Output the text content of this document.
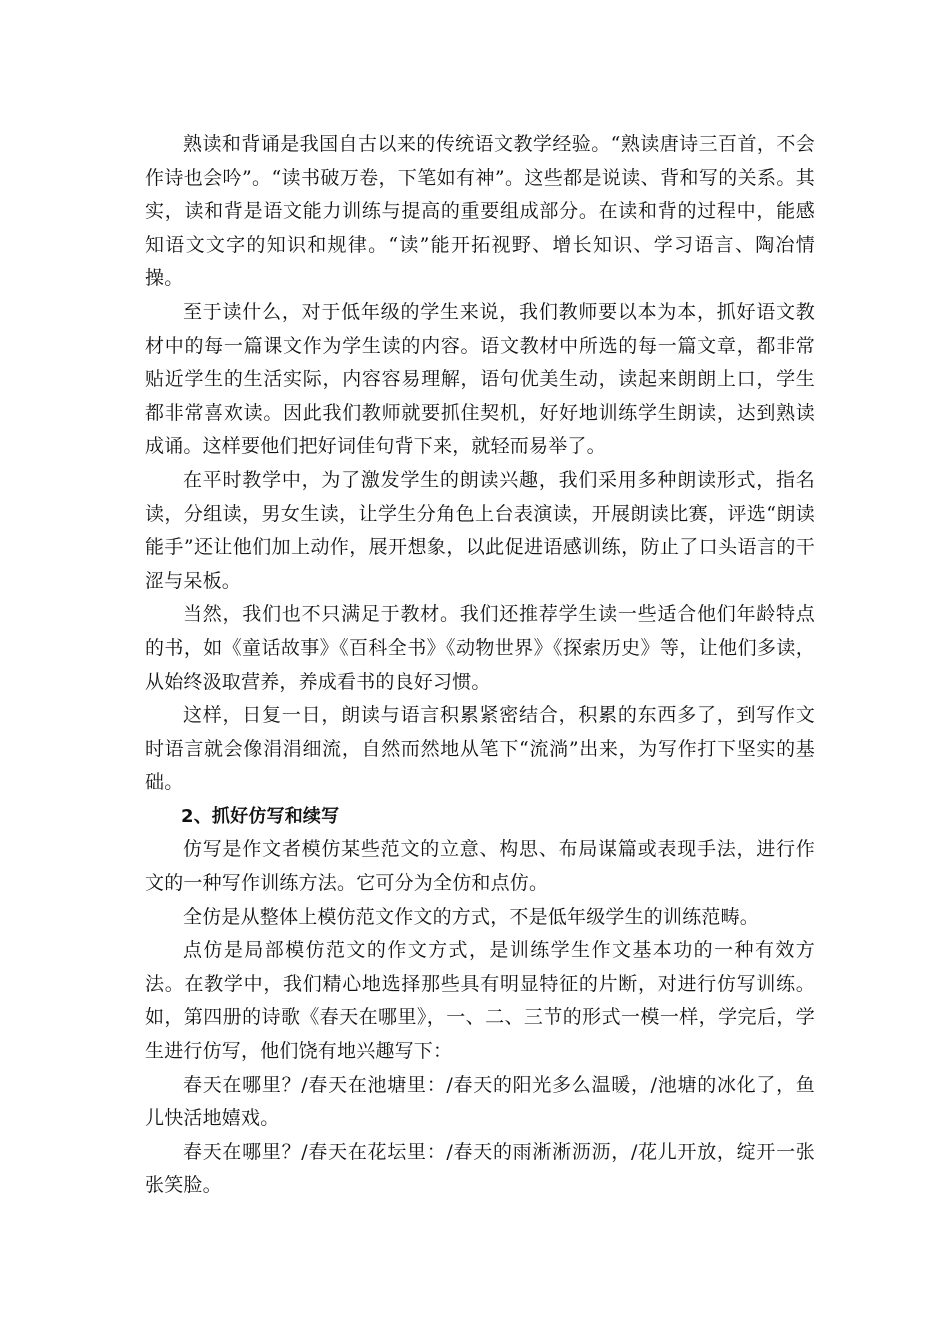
熟读和背诵是我国自古以来的传统语文教学经验。“熟读唐诗三百首，不会作诗也会吟”。“读书破万卷，下笔如有神”。这些都是说读、背和写的关系。其实，读和背是语文能力训练与提高的重要组成部分。在读和背的过程中，能感知语文文字的知识和规律。“读”能开拓视野、增长知识、学习语言、陶冶情操。

至于读什么，对于低年级的学生来说，我们教师要以本为本，抓好语文教材中的每一篇课文作为学生读的内容。语文教材中所选的每一篇文章，都非常贴近学生的生活实际，内容容易理解，语句优美生动，读起来朗朗上口，学生都非常喜欢读。因此我们教师就要抓住契机，好好地训练学生朗读，达到熟读成诵。这样要他们把好词佳句背下来，就轻而易举了。

在平时教学中，为了激发学生的朗读兴趣，我们采用多种朗读形式，指名读，分组读，男女生读，让学生分角色上台表演读，开展朗读比赛，评选“朗读能手”还让他们加上动作，展开想象，以此促进语感训练，防止了口头语言的干涩与呆板。

当然，我们也不只满足于教材。我们还推荐学生读一些适合他们年龄特点的书，如《童话故事》《百科全书》《动物世界》《探索历史》等，让他们多读，从始终汲取营养，养成看书的良好习惯。

这样，日复一日，朗读与语言积累紧密结合，积累的东西多了，到写作文时语言就会像涓涓细流，自然而然地从笔下“流淌”出来，为写作打下坚实的基础。

2、抓好仿写和续写

仿写是作文者模仿某些范文的立意、构思、布局谋篇或表现手法，进行作文的一种写作训练方法。它可分为全仿和点仿。

全仿是从整体上模仿范文作文的方式，不是低年级学生的训练范畴。

点仿是局部模仿范文的作文方式，是训练学生作文基本功的一种有效方法。在教学中，我们精心地选择那些具有明显特征的片断，对进行仿写训练。如，第四册的诗歌《春天在哪里》，一、二、三节的形式一模一样，学完后，学生进行仿写，他们饶有地兴趣写下：

春天在哪里？/春天在池塘里：/春天的阳光多么温暖，/池塘的冰化了，鱼儿快活地嬉戏。

春天在哪里？/春天在花坛里：/春天的雨淅淅沥沥，/花儿开放，绽开一张张笑脸。
